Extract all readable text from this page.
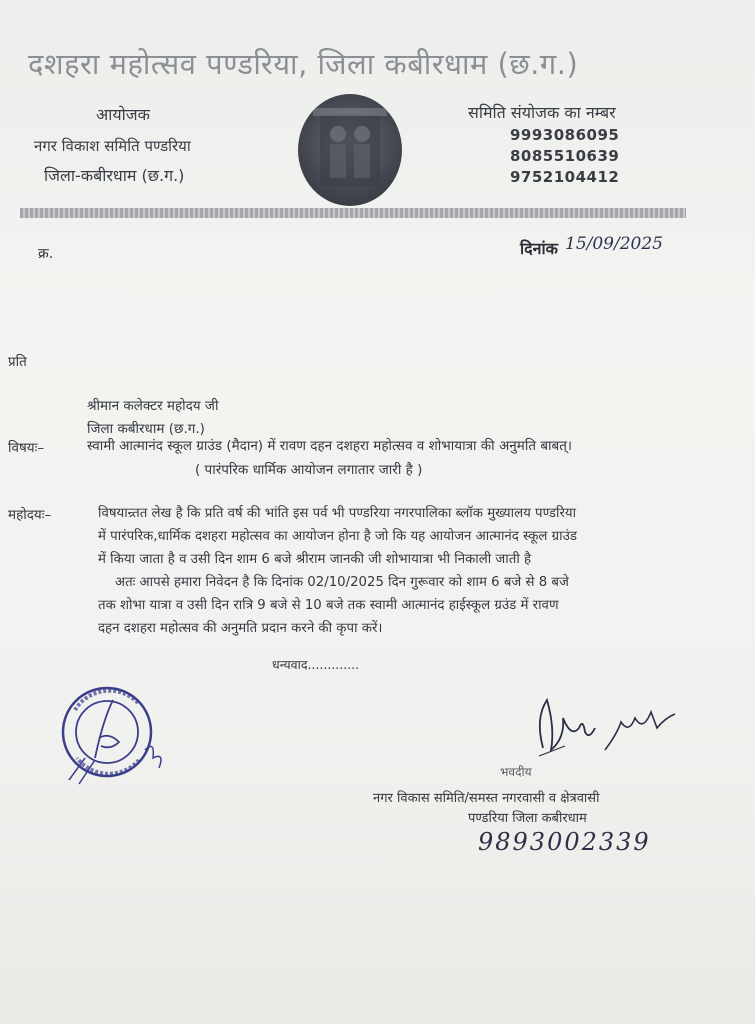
दशहरा महोत्सव पण्डरिया, जिला कबीरधाम (छ.ग.)
आयोजक
नगर विकाश समिति पण्डरिया
जिला-कबीरधाम (छ.ग.)
समिति संयोजक का नम्बर
9993086095
8085510639
9752104412
क्र.	दिनांक 15/09/2025
प्रति
श्रीमान कलेक्टर महोदय जी
जिला कबीरधाम (छ.ग.)
विषयः–	स्वामी आत्मानंद स्कूल ग्राउंड (मैदान) में रावण दहन दशहरा महोत्सव व शोभायात्रा की अनुमति बाबत्।
( पारंपरिक धार्मिक आयोजन लगातार जारी है )
महोदयः–	विषयान्र्तत लेख है कि प्रति वर्ष की भांति इस पर्व भी पण्डरिया नगरपालिका ब्लॉक मुख्यालय पण्डरिया
में पारंपरिक,धार्मिक दशहरा महोत्सव का आयोजन होना है जो कि यह आयोजन आत्मानंद स्कूल ग्राउंड
में किया जाता है व उसी दिन शाम 6 बजे श्रीराम जानकी जी शोभायात्रा भी निकाली जाती है
अतः आपसे हमारा निवेदन है कि दिनांक 02/10/2025 दिन गुरूवार को शाम 6 बजे से 8 बजे
तक शोभा यात्रा व उसी दिन रात्रि 9 बजे से 10 बजे तक स्वामी आत्मानंद हाईस्कूल ग्रउंड में रावण
दहन दशहरा महोत्सव की अनुमति प्रदान करने की कृपा करें।
धन्यवाद.............
भवदीय
नगर विकास समिति/समस्त नगरवासी व क्षेत्रवासी
पण्डरिया जिला कबीरधाम
9893002339
